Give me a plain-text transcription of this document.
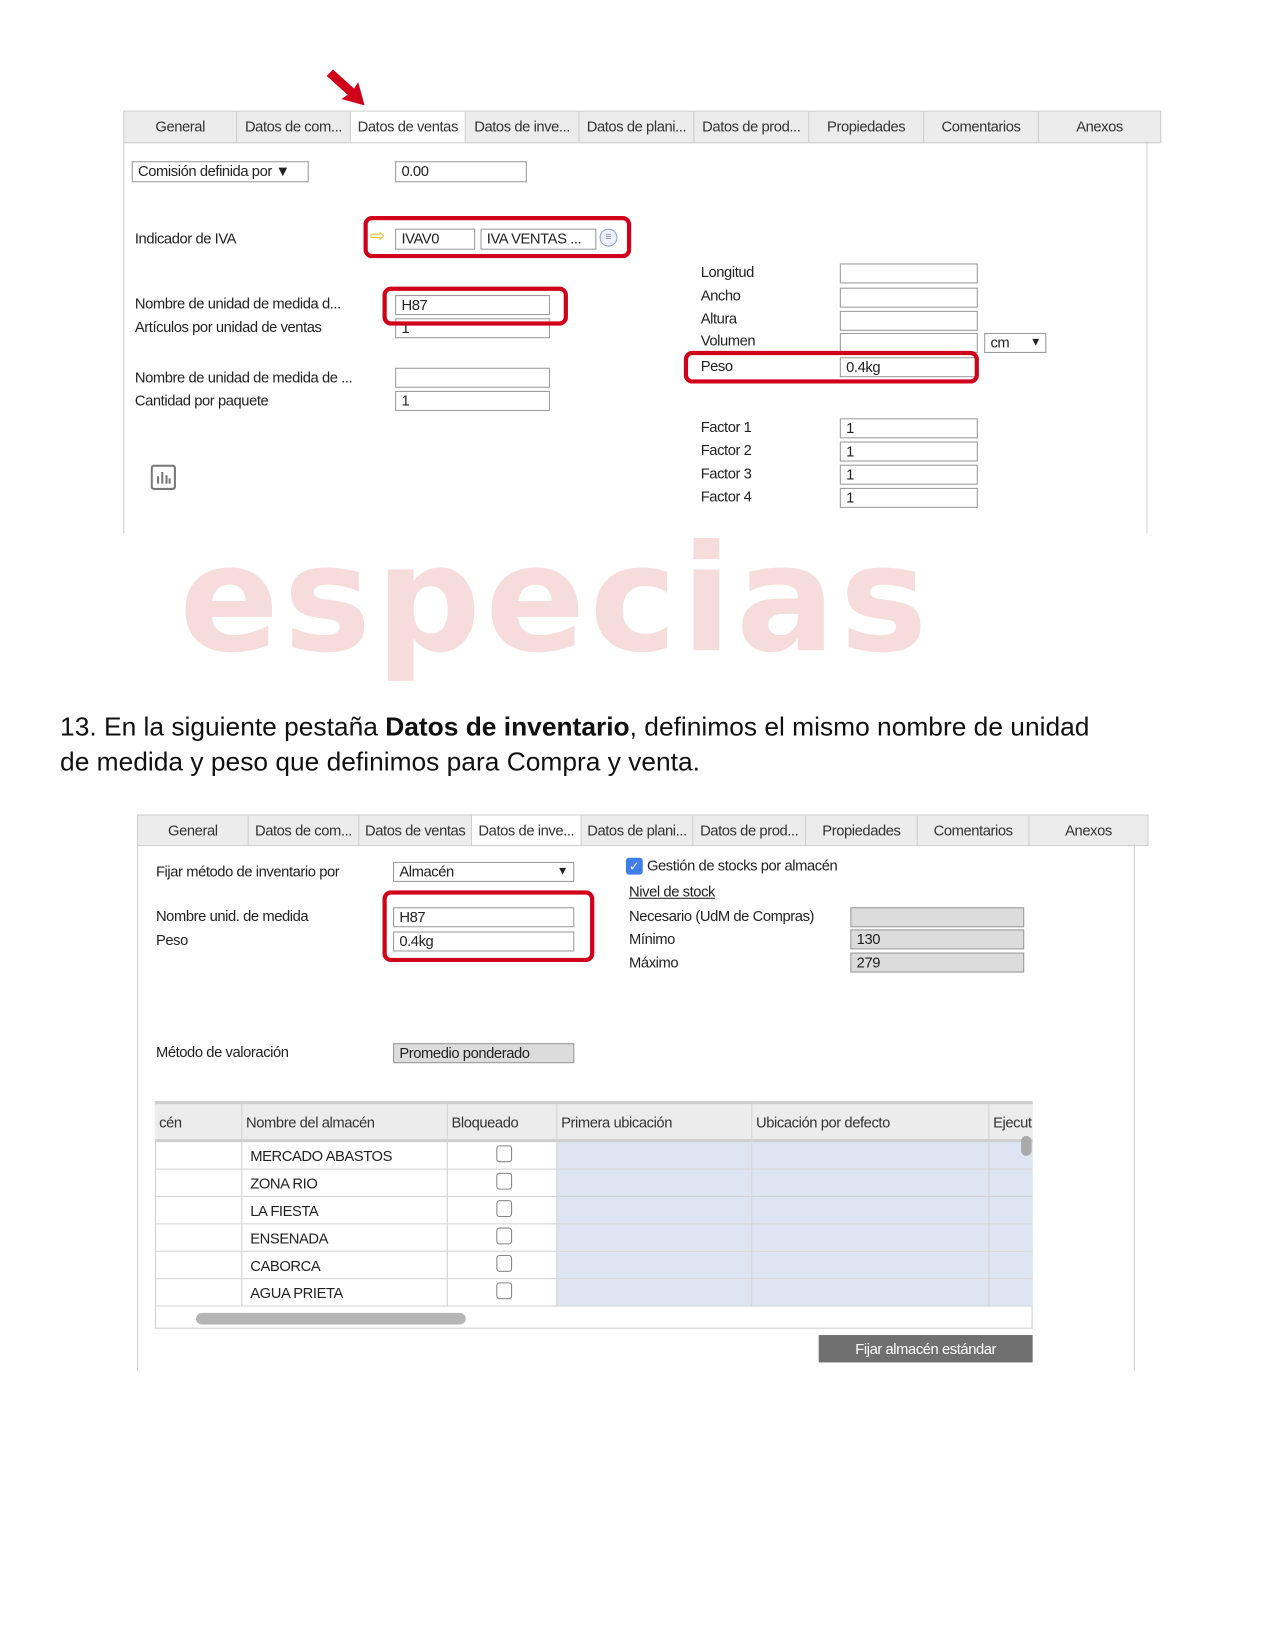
General	Datos de com...	Datos de ventas	Datos de inve...	Datos de plani...	Datos de prod...	Propiedades	Comentarios	Anexos
Comisión definida por ▼	0.00
Indicador de IVA	⇨	IVAV0	IVA VENTAS ...	≡
Nombre de unidad de medida d...	H87
Artículos por unidad de ventas	1
Nombre de unidad de medida de ...
Cantidad por paquete	1
Longitud
Ancho
Altura
Volumen	cm ▼
Peso	0.4kg
Factor 1	1
Factor 2	1
Factor 3	1
Factor 4	1
especias
13. En la siguiente pestaña Datos de inventario, definimos el mismo nombre de unidad
de medida y peso que definimos para Compra y venta.
General	Datos de com... Datos de ventas Datos de inve... Datos de plani... Datos de prod...	Propiedades	Comentarios	Anexos
Fijar método de inventario por	Almacén	▼	✓ Gestión de stocks por almacén
Nivel de stock
Necesario (UdM de Compras)
Mínimo	130
Máximo	279
Nombre unid. de medida	H87
Peso	0.4kg
Método de valoración	Promedio ponderado
cén	Nombre del almacén	Bloqueado	Primera ubicación	Ubicación por defecto	Ejecut
	MERCADO ABASTOS				
	ZONA RIO				
	LA FIESTA				
	ENSENADA				
	CABORCA				
	AGUA PRIETA				
Fijar almacén estándar
